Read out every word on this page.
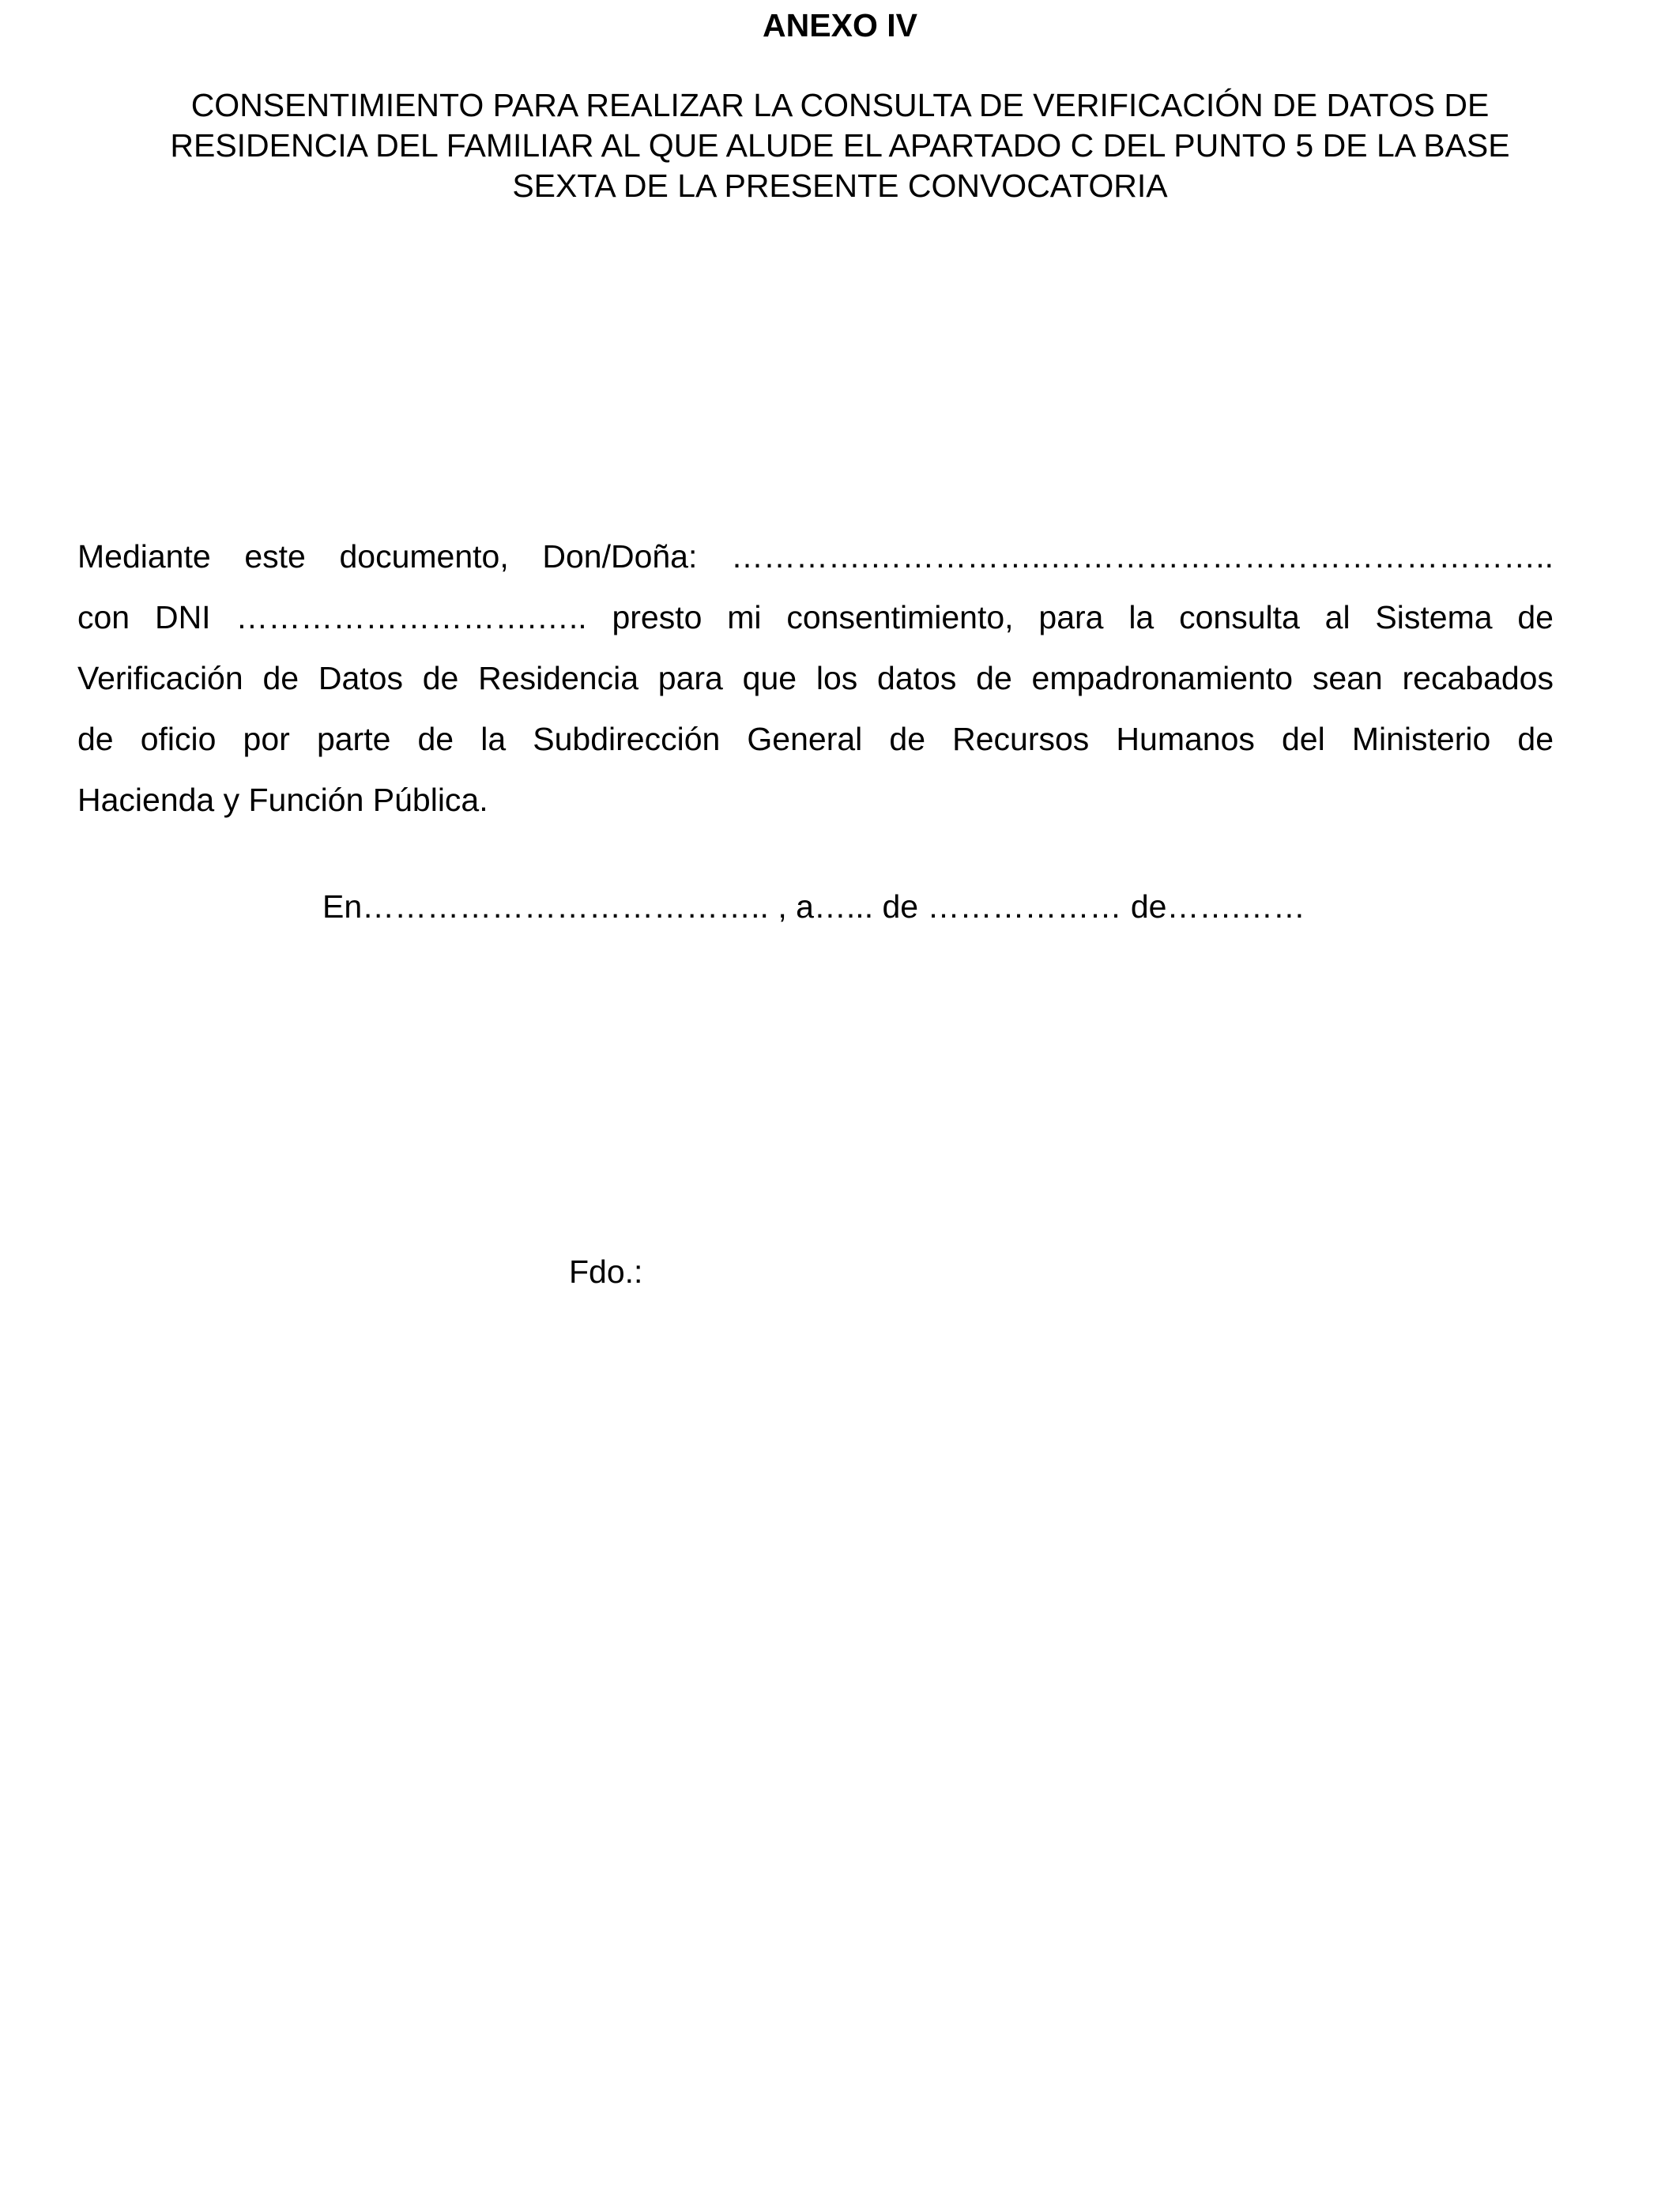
ANEXO IV
CONSENTIMIENTO PARA REALIZAR LA CONSULTA DE VERIFICACIÓN DE DATOS DE
RESIDENCIA DEL FAMILIAR AL QUE ALUDE EL APARTADO C DEL PUNTO 5 DE LA BASE
SEXTA DE LA PRESENTE CONVOCATORIA
Mediante este documento, Don/Doña: ………….……………..………………………………………..
con DNI ……………………….….. presto mi consentimiento, para la consulta al Sistema de
Verificación de Datos de Residencia para que los datos de empadronamiento sean recabados
de oficio por parte de la Subdirección General de Recursos Humanos del Ministerio de
Hacienda y Función Pública.
En……………………………….. , a…... de ……………… de…….……
Fdo.:
